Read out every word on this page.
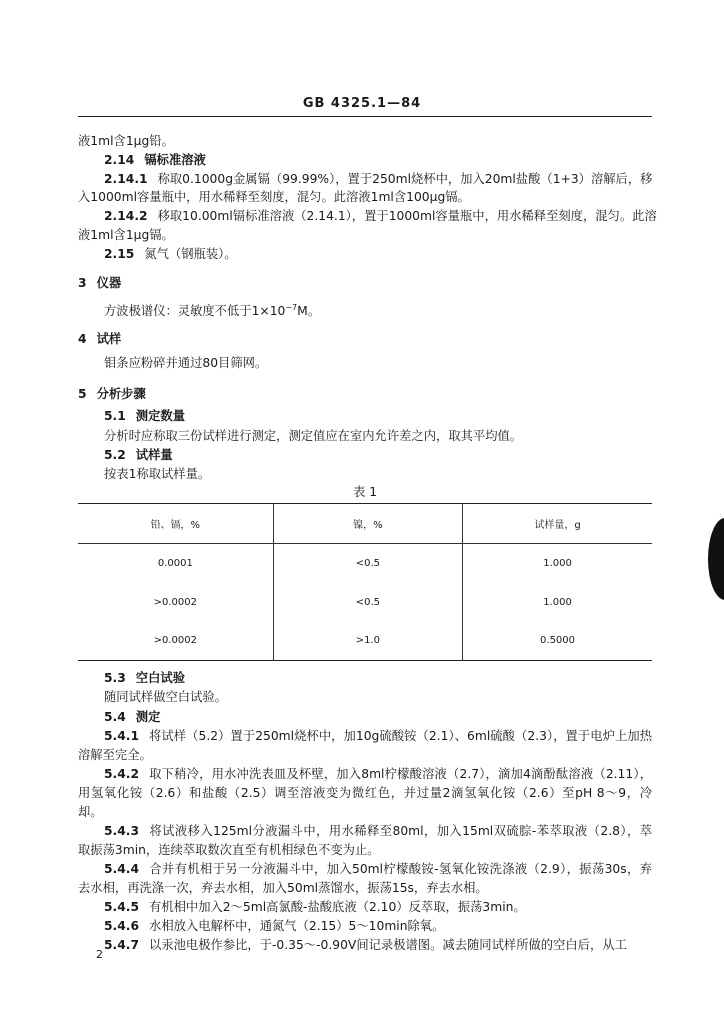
GB 4325.1—84
液1ml含1μg铅。
2.14 镉标准溶液
2.14.1 称取0.1000g金属镉（99.99%），置于250ml烧杯中，加入20ml盐酸（1+3）溶解后，移
入1000ml容量瓶中，用水稀释至刻度，混匀。此溶液1ml含100μg镉。
2.14.2 移取10.00ml镉标准溶液（2.14.1），置于1000ml容量瓶中，用水稀释至刻度，混匀。此溶
液1ml含1μg镉。
2.15 氮气（钢瓶装）。
3 仪器
方波极谱仪：灵敏度不低于$1\times 10^{-7}M$。
4 试样
钼条应粉碎并通过80目筛网。
5 分析步骤
5.1 测定数量
分析时应称取三份试样进行测定，测定值应在室内允许差之内，取其平均值。
5.2 试样量
按表1称取试样量。
表 1
铅、镉，%	镍，%	试样量，g
0.0001	<0.5	1.000
>0.0002	<0.5	1.000
>0.0002	>1.0	0.5000
5.3 空白试验
随同试样做空白试验。
5.4 测定
5.4.1 将试样（5.2）置于250ml烧杯中，加10g硫酸铵（2.1）、6ml硫酸（2.3），置于电炉上加热
溶解至完全。
5.4.2 取下稍冷，用水冲洗表皿及杯壁，加入8ml柠檬酸溶液（2.7），滴加4滴酚酞溶液（2.11），
用氢氧化铵（2.6）和盐酸（2.5）调至溶液变为微红色，并过量2滴氢氧化铵（2.6）至pH 8～9，冷
却。
5.4.3 将试液移入125ml分液漏斗中，用水稀释至80ml，加入15ml双硫腙-苯萃取液（2.8），萃
取振荡3min，连续萃取数次直至有机相绿色不变为止。
5.4.4 合并有机相于另一分液漏斗中，加入50ml柠檬酸铵-氢氧化铵洗涤液（2.9），振荡30s，弃
去水相，再洗涤一次，弃去水相，加入50ml蒸馏水，振荡15s，弃去水相。
5.4.5 有机相中加入2～5ml高氯酸-盐酸底液（2.10）反萃取，振荡3min。
5.4.6 水相放入电解杯中，通氮气（2.15）5～10min除氧。
5.4.7 以汞池电极作参比，于-0.35～-0.90V间记录极谱图。减去随同试样所做的空白后，从工
2
